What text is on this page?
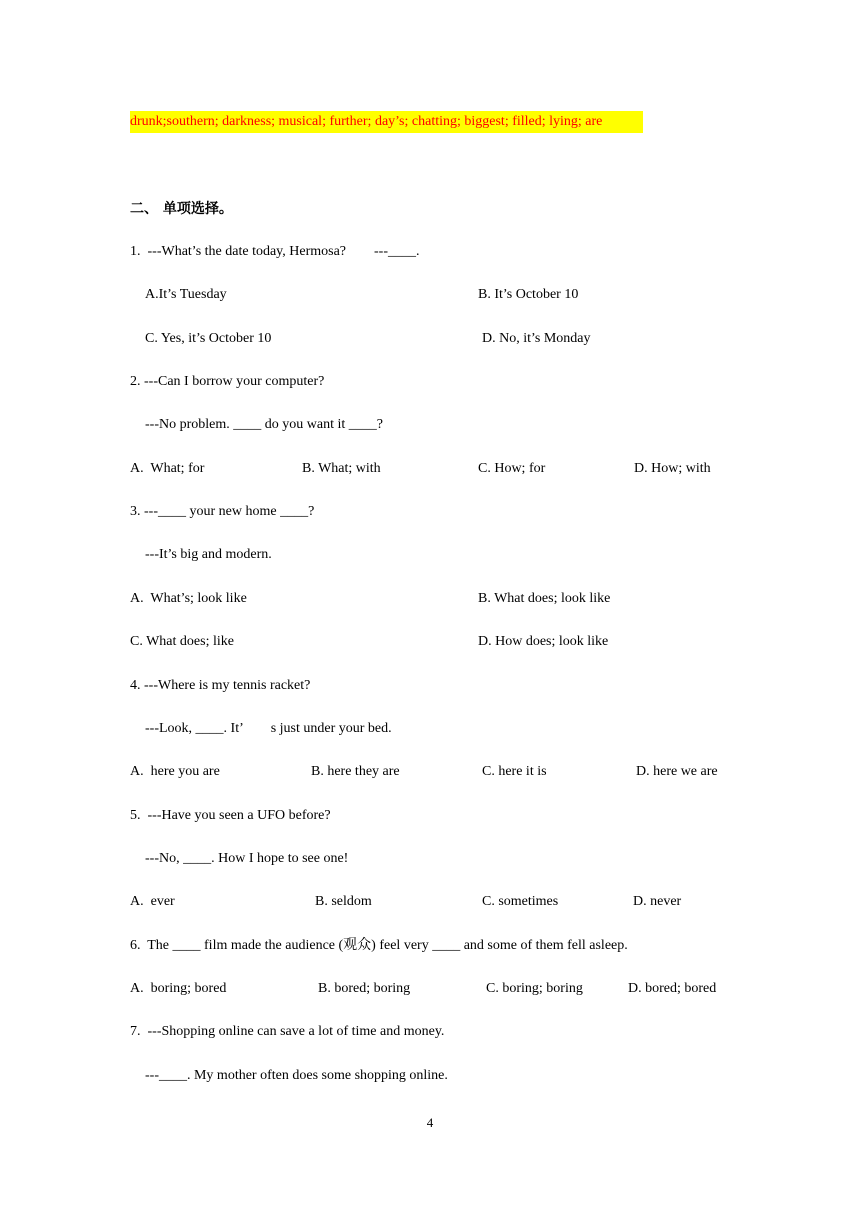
drunk;southern; darkness; musical; further; day’s; chatting; biggest; filled; lying; are
二、 单项选择。
1.  ---What’s the date today, Hermosa?        ---____.
A.It’s Tuesday	B. It’s October 10
C. Yes, it’s October 10	D. No, it’s Monday
2. ---Can I borrow your computer?
---No problem. ____ do you want it ____?
A.  What; for	B. What; with	C. How; for	D. How; with
3. ---____ your new home ____?
---It’s big and modern.
A.  What’s; look like	B. What does; look like
C. What does; like	D. How does; look like
4. ---Where is my tennis racket?
---Look, ____. It’        s just under your bed.
A.  here you are	B. here they are	C. here it is	D. here we are
5.  ---Have you seen a UFO before?
---No, ____. How I hope to see one!
A.  ever	B. seldom	C. sometimes	D. never
6.  The ____ film made the audience (观众) feel very ____ and some of them fell asleep.
A.  boring; bored	B. bored; boring	C. boring; boring	D. bored; bored
7.  ---Shopping online can save a lot of time and money.
---____. My mother often does some shopping online.
4
